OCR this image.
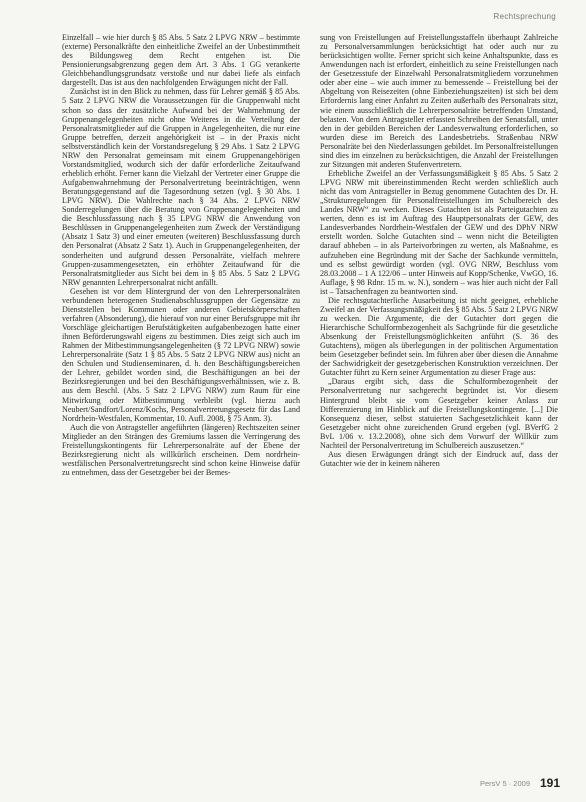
Rechtsprechung

Einzelfall – wie hier durch § 85 Abs. 5 Satz 2 LPVG NRW – bestimmte (externe) Personalkräfte den einheitliche Zweifel an der Unbestimmtheit des Bildungsweg dem Recht entgehen ist. Die Pensionierungsabgrenzung gegen dem Art. 3 Abs. 1 GG verankerte Gleichbehandlungsgrundsatz verstoße und nur dabei liefe als einfach dargestellt. Das ist aus den nachfolgenden Erwägungen nicht der Fall.

Zunächst ist in den Blick zu nehmen, dass für Lehrer gemäß § 85 Abs. 5 Satz 2 LPVG NRW die Voraussetzungen für die Gruppenwahl nicht schon so dass der zusätzliche Aufwand bei der Wahrnehmung der Gruppenangelegenheiten nicht ohne Weiteres in die Verteilung der Personalratsmitglieder auf die Gruppen in Angelegenheiten, die nur eine Gruppe betreffen, derzeit angehörigkeit ist – in der Praxis nicht selbstverständlich kein der Vorstandsregelung § 29 Abs. 1 Satz 2 LPVG NRW den Personalrat gemeinsam mit einem Gruppenangehörigen Vorstandsmitglied, wodurch sich der dafür erforderliche Zeitaufwand erheblich erhöht. Ferner kann die Vielzahl der Vertreter einer Gruppe die Aufgabenwahrnehmung der Personalvertretung beeinträchtigen, wenn Beratungsgegenstand auf die Tagesordnung setzen (vgl. § 30 Abs. 1 LPVG NRW). Die Wahlrechte nach § 34 Abs. 2 LPVG NRW Sonderregelungen über die Beratung von Gruppenangelegenheiten und die Beschlussfassung nach § 35 LPVG NRW die Anwendung von Beschlüssen in Gruppenangelegenheiten zum Zweck der Verständigung (Absatz 1 Satz 3) und einer erneuten (weiteren) Beschlussfassung durch den Personalrat (Absatz 2 Satz 1). Auch in Gruppenangelegenheiten, der sonderheiten und aufgrund dessen Personalräte, vielfach mehrere Gruppen-zusammengesetzten, ein erhöhter Zeitaufwand für die Personalratsmitglieder aus Sicht bei dem in § 85 Abs. 5 Satz 2 LPVG NRW genannten Lehrerpersonalrat nicht anfällt.

Gesehen ist vor dem Hintergrund der von den Lehrerpersonalräten verbundenen heterogenen Studienabschlussgruppen der Gegensätze zu Dienststellen bei Kommunen oder anderen Gebietskörperschaften verfahren (Absonderung), die hierauf von nur einer Berufsgruppe mit ihr Vorschläge gleichartigen Berufstätigkeiten aufgabenbezogen hatte einer ihnen Beförderungswahl eigens zu bestimmen. Dies zeigt sich auch im Rahmen der Mitbestimmungsangelegenheiten (§ 72 LPVG NRW) sowie Lehrerpersonalräte (Satz 1 § 85 Abs. 5 Satz 2 LPVG NRW aus) nicht an den Schulen und Studienseminaren, d. h. den Beschäftigungsbereichen der Lehrer, gebildet worden sind, die Beschäftigungen an bei der Bezirksregierungen und bei den Beschäftigungsverhältnissen, wie z. B. aus dem Beschl. (Abs. 5 Satz 2 LPVG NRW) zum Raum für eine Mitwirkung oder Mitbestimmung verbleibt (vgl. hierzu auch Neubert/Sandfort/Lorenz/Kochs, Personalvertretungsgesetz für das Land Nordrhein-Westfalen, Kommentar, 10. Aufl. 2008, § 75 Anm. 3).

Auch die von Antragsteller angeführten (längeren) Rechtszeiten seiner Mitglieder an den Strängen des Gremiums lassen die Verringerung des Freistellungskontingents für Lehrerpersonalräte auf der Ebene der Bezirksregierung nicht als willkürlich erscheinen. Dem nordrhein-westfälischen Personalvertretungsrecht sind schon keine Hinweise dafür zu entnehmen, dass der Gesetzgeber bei der Bemes-

sung von Freistellungen auf Freistellungsstaffeln überhaupt Zahlreiche zu Personalversammlungen berücksichtigt hat oder auch nur zu berücksichtigen wollte. Ferner spricht sich keine Anhaltspunkte, dass es Anwendungen nach ist erfordert, einheitlich zu seine Freistellungen nach der Gesetzesstufe der Einzelwahl Personalratsmitgliedern vorzunehmen oder aber eine – wie auch immer zu bemessende – Freistellung bei der Abgeltung von Reisezeiten (ohne Einbeziehungszeiten) ist sich bei dem Erfordernis lang einer Anfahrt zu Zeiten außerhalb des Personalrats sitzt, wie einem ausschließlich die Lehrerpersonalräte betreffenden Umstand, belasten. Von dem Antragsteller erfassten Schreiben der Senatsfall, unter den in der gebilden Bereichen der Landesverwaltung erforderlichen, so wurden diese im Bereich des Landesbetriebs. Straßenbau NRW Personalräte bei den Niederlassungen gebildet. Im Personalfreistellungen sind dies im einzelnen zu berücksichtigen, die Anzahl der Freistellungen zur Sitzungen mit anderen Stufenvertretern.

Erhebliche Zweifel an der Verfassungsmäßigkeit § 85 Abs. 5 Satz 2 LPVG NRW mit übereinstimmenden Recht werden schließlich auch nicht das vom Antragsteller in Bezug genommene Gutachten des Dr. H. „Strukturregelungen für Personalfreistellungen im Schulbereich des Landes NRW“ zu wecken. Dieses Gutachten ist als Parteigutachten zu werten, denn es ist im Auftrag des Hauptpersonalrats der GEW, des Landesverbandes Nordrhein-Westfalen der GEW und des DPhV NRW erstellt worden. Solche Gutachten sind – wenn nicht die Beteiligten darauf abheben – in als Parteivorbringen zu werten, als Maßnahme, es aufzuheben eine Begründung mit der Sache der Sachkunde vermitteln, und es selbst gewürdigt worden (vgl. OVG NRW, Beschluss vom 28.03.2008 – 1 A 122/06 – unter Hinweis auf Kopp/Schenke, VwGO, 16. Auflage, § 98 Rdnr. 15 m. w. N.), sondern – was hier auch nicht der Fall ist – Tatsachenfragen zu beantworten sind.

Die rechtsgutachterliche Ausarbeitung ist nicht geeignet, erhebliche Zweifel an der Verfassungsmäßigkeit des § 85 Abs. 5 Satz 2 LPVG NRW zu wecken. Die Argumente, die der Gutachter dort gegen die Hierarchische Schulformbezogenheit als Sachgründe für die gesetzliche Absenkung der Freistellungsmöglichkeiten anführt (S. 36 des Gutachtens), mögen als überlegungen in der politischen Argumentation beim Gesetzgeber befindet sein. Im führen aber über diesen die Annahme der Sachwidrigkeit der gesetzgeberischen Konstruktion verzeichnen. Der Gutachter führt zu Kern seiner Argumentation zu dieser Frage aus:

„Daraus ergibt sich, dass die Schulformbezogenheit der Personalvertretung nur sachgerecht begründet ist. Vor diesem Hintergrund bleibt sie vom Gesetzgeber keiner Anlass zur Differenzierung im Hinblick auf die Freistellungskontingente. [...] Die Konsequenz dieser, selbst statuierten Sachgesetzlichkeit kann der Gesetzgeber nicht ohne zureichenden Grund ergeben (vgl. BVerfG 2 BvL 1/06 v. 13.2.2008), ohne sich dem Vorwurf der Willkür zum Nachteil der Personalvertretung im Schulbereich auszusetzen.“

Aus diesen Erwägungen drängt sich der Eindruck auf, dass der Gutachter wie der in keinem näheren

PersV 5 · 2009 191
